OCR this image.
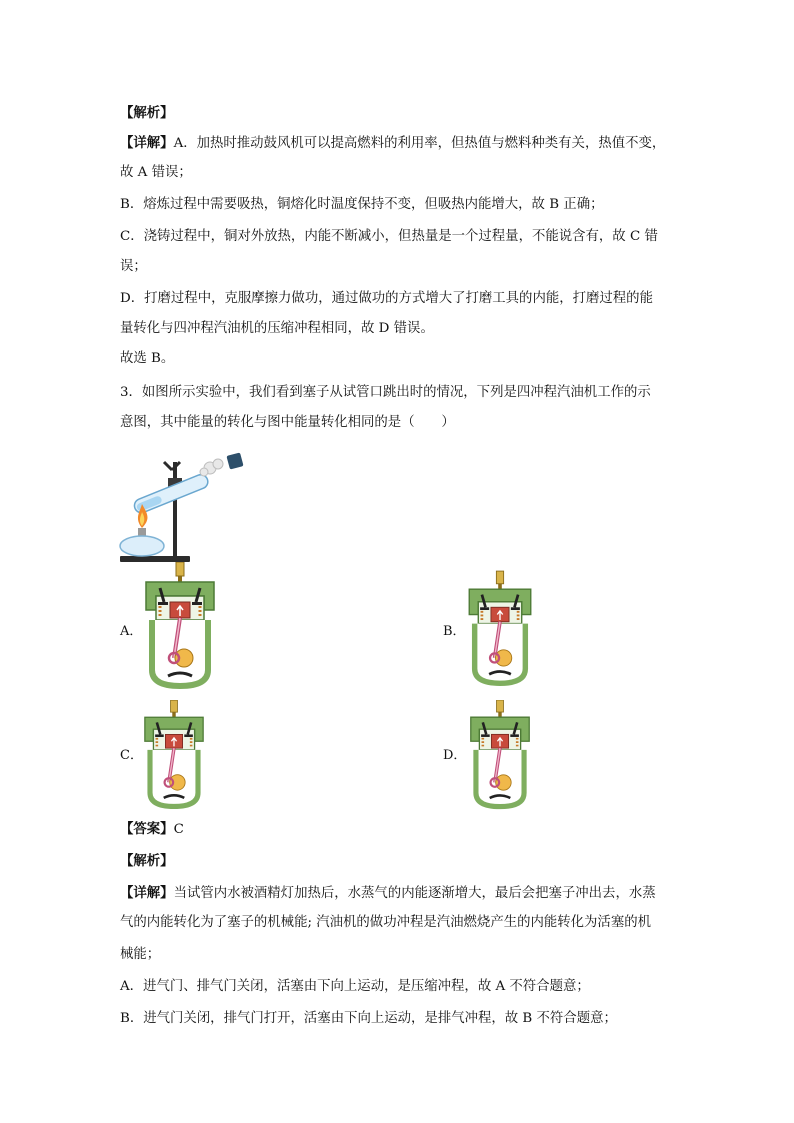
【解析】
【详解】A．加热时推动鼓风机可以提高燃料的利用率，但热值与燃料种类有关，热值不变，
故 A 错误；
B．熔炼过程中需要吸热，铜熔化时温度保持不变，但吸热内能增大，故 B 正确；
C．浇铸过程中，铜对外放热，内能不断减小，但热量是一个过程量，不能说含有，故 C 错
误；
D．打磨过程中，克服摩擦力做功，通过做功的方式增大了打磨工具的内能，打磨过程的能
量转化与四冲程汽油机的压缩冲程相同，故 D 错误。
故选 B。
3．如图所示实验中，我们看到塞子从试管口跳出时的情况，下列是四冲程汽油机工作的示
意图，其中能量的转化与图中能量转化相同的是（　　）
A．	B．
C．	D．
【答案】C
【解析】
【详解】当试管内水被酒精灯加热后，水蒸气的内能逐渐增大，最后会把塞子冲出去，水蒸
气的内能转化为了塞子的机械能; 汽油机的做功冲程是汽油燃烧产生的内能转化为活塞的机
械能；
A．进气门、排气门关闭，活塞由下向上运动，是压缩冲程，故 A 不符合题意；
B．进气门关闭，排气门打开，活塞由下向上运动，是排气冲程，故 B 不符合题意；
